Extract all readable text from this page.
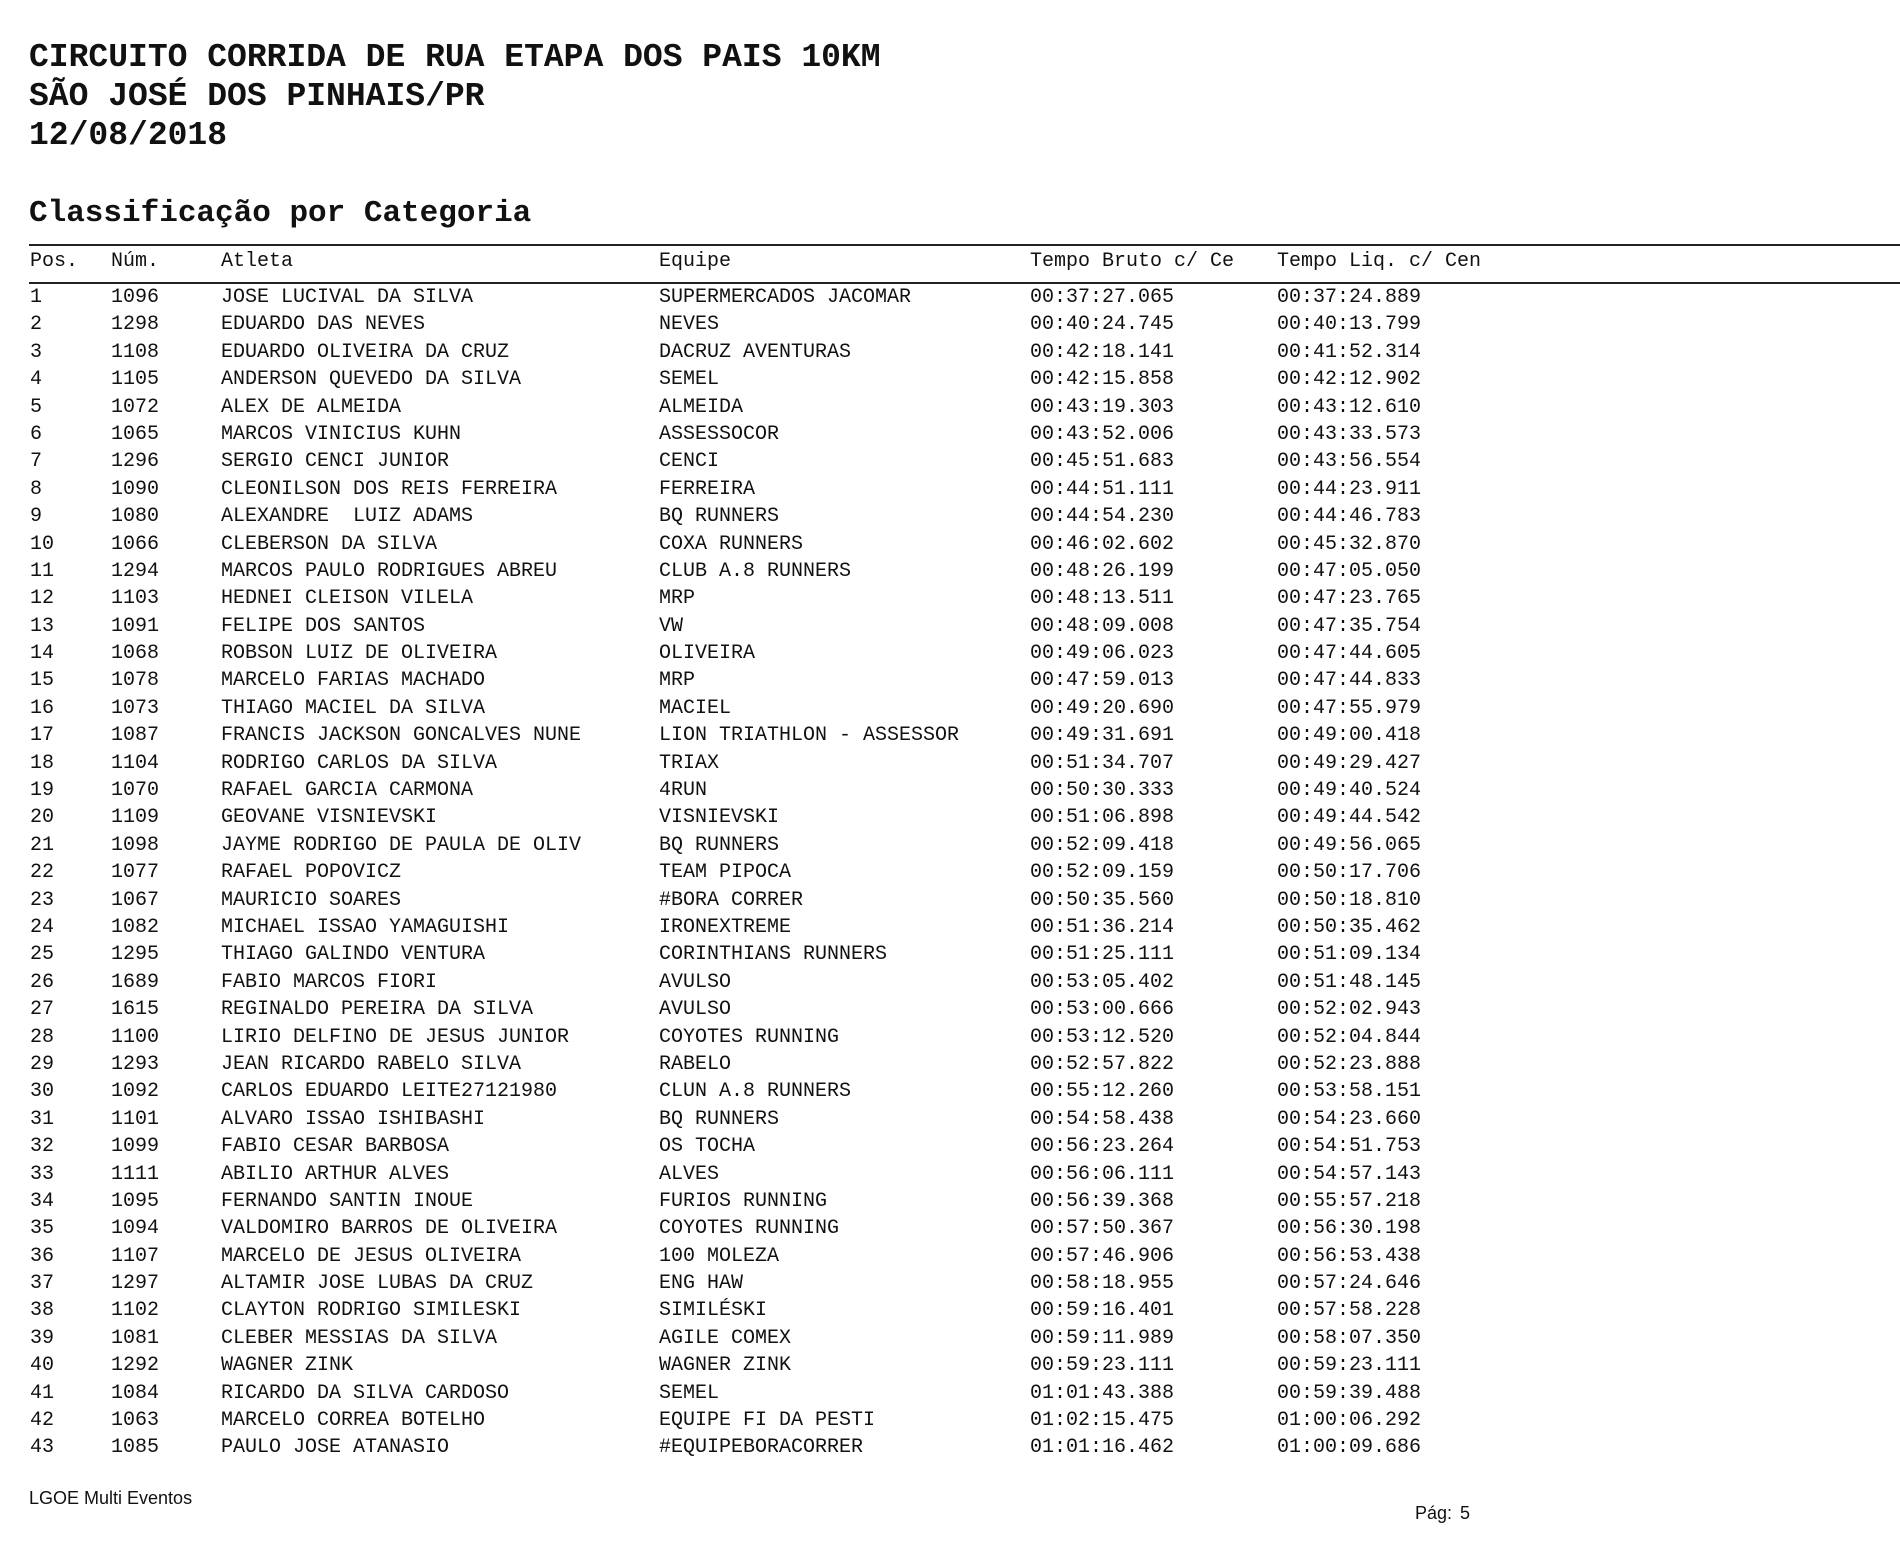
CIRCUITO CORRIDA DE RUA ETAPA DOS PAIS 10KM
SÃO JOSÉ DOS PINHAIS/PR
12/08/2018
Classificação por Categoria
Pos. Núm.	Atleta	Equipe	Tempo Bruto c/ Ce Tempo Liq. c/ Cen
1	1096	JOSE LUCIVAL DA SILVA	SUPERMERCADOS JACOMAR	00:37:27.065	00:37:24.889
2	1298	EDUARDO DAS NEVES	NEVES	00:40:24.745	00:40:13.799
3	1108	EDUARDO OLIVEIRA DA CRUZ	DACRUZ AVENTURAS	00:42:18.141	00:41:52.314
4	1105	ANDERSON QUEVEDO DA SILVA	SEMEL	00:42:15.858	00:42:12.902
5	1072	ALEX DE ALMEIDA	ALMEIDA	00:43:19.303	00:43:12.610
6	1065	MARCOS VINICIUS KUHN	ASSESSOCOR	00:43:52.006	00:43:33.573
7	1296	SERGIO CENCI JUNIOR	CENCI	00:45:51.683	00:43:56.554
8	1090	CLEONILSON DOS REIS FERREIRA	FERREIRA	00:44:51.111	00:44:23.911
9	1080	ALEXANDRE  LUIZ ADAMS	BQ RUNNERS	00:44:54.230	00:44:46.783
10	1066	CLEBERSON DA SILVA	COXA RUNNERS	00:46:02.602	00:45:32.870
11	1294	MARCOS PAULO RODRIGUES ABREU	CLUB A.8 RUNNERS	00:48:26.199	00:47:05.050
12	1103	HEDNEI CLEISON VILELA	MRP	00:48:13.511	00:47:23.765
13	1091	FELIPE DOS SANTOS	VW	00:48:09.008	00:47:35.754
14	1068	ROBSON LUIZ DE OLIVEIRA	OLIVEIRA	00:49:06.023	00:47:44.605
15	1078	MARCELO FARIAS MACHADO	MRP	00:47:59.013	00:47:44.833
16	1073	THIAGO MACIEL DA SILVA	MACIEL	00:49:20.690	00:47:55.979
17	1087	FRANCIS JACKSON GONCALVES NUNE	LION TRIATHLON - ASSESSOR	00:49:31.691	00:49:00.418
18	1104	RODRIGO CARLOS DA SILVA	TRIAX	00:51:34.707	00:49:29.427
19	1070	RAFAEL GARCIA CARMONA	4RUN	00:50:30.333	00:49:40.524
20	1109	GEOVANE VISNIEVSKI	VISNIEVSKI	00:51:06.898	00:49:44.542
21	1098	JAYME RODRIGO DE PAULA DE OLIV	BQ RUNNERS	00:52:09.418	00:49:56.065
22	1077	RAFAEL POPOVICZ	TEAM PIPOCA	00:52:09.159	00:50:17.706
23	1067	MAURICIO SOARES	#BORA CORRER	00:50:35.560	00:50:18.810
24	1082	MICHAEL ISSAO YAMAGUISHI	IRONEXTREME	00:51:36.214	00:50:35.462
25	1295	THIAGO GALINDO VENTURA	CORINTHIANS RUNNERS	00:51:25.111	00:51:09.134
26	1689	FABIO MARCOS FIORI	AVULSO	00:53:05.402	00:51:48.145
27	1615	REGINALDO PEREIRA DA SILVA	AVULSO	00:53:00.666	00:52:02.943
28	1100	LIRIO DELFINO DE JESUS JUNIOR	COYOTES RUNNING	00:53:12.520	00:52:04.844
29	1293	JEAN RICARDO RABELO SILVA	RABELO	00:52:57.822	00:52:23.888
30	1092	CARLOS EDUARDO LEITE27121980	CLUN A.8 RUNNERS	00:55:12.260	00:53:58.151
31	1101	ALVARO ISSAO ISHIBASHI	BQ RUNNERS	00:54:58.438	00:54:23.660
32	1099	FABIO CESAR BARBOSA	OS TOCHA	00:56:23.264	00:54:51.753
33	1111	ABILIO ARTHUR ALVES	ALVES	00:56:06.111	00:54:57.143
34	1095	FERNANDO SANTIN INOUE	FURIOS RUNNING	00:56:39.368	00:55:57.218
35	1094	VALDOMIRO BARROS DE OLIVEIRA	COYOTES RUNNING	00:57:50.367	00:56:30.198
36	1107	MARCELO DE JESUS OLIVEIRA	100 MOLEZA	00:57:46.906	00:56:53.438
37	1297	ALTAMIR JOSE LUBAS DA CRUZ	ENG HAW	00:58:18.955	00:57:24.646
38	1102	CLAYTON RODRIGO SIMILESKI	SIMILÉSKI	00:59:16.401	00:57:58.228
39	1081	CLEBER MESSIAS DA SILVA	AGILE COMEX	00:59:11.989	00:58:07.350
40	1292	WAGNER ZINK	WAGNER ZINK	00:59:23.111	00:59:23.111
41	1084	RICARDO DA SILVA CARDOSO	SEMEL	01:01:43.388	00:59:39.488
42	1063	MARCELO CORREA BOTELHO	EQUIPE FI DA PESTI	01:02:15.475	01:00:06.292
43	1085	PAULO JOSE ATANASIO	#EQUIPEBORACORRER	01:01:16.462	01:00:09.686
LGOE Multi Eventos

Pág: 5
